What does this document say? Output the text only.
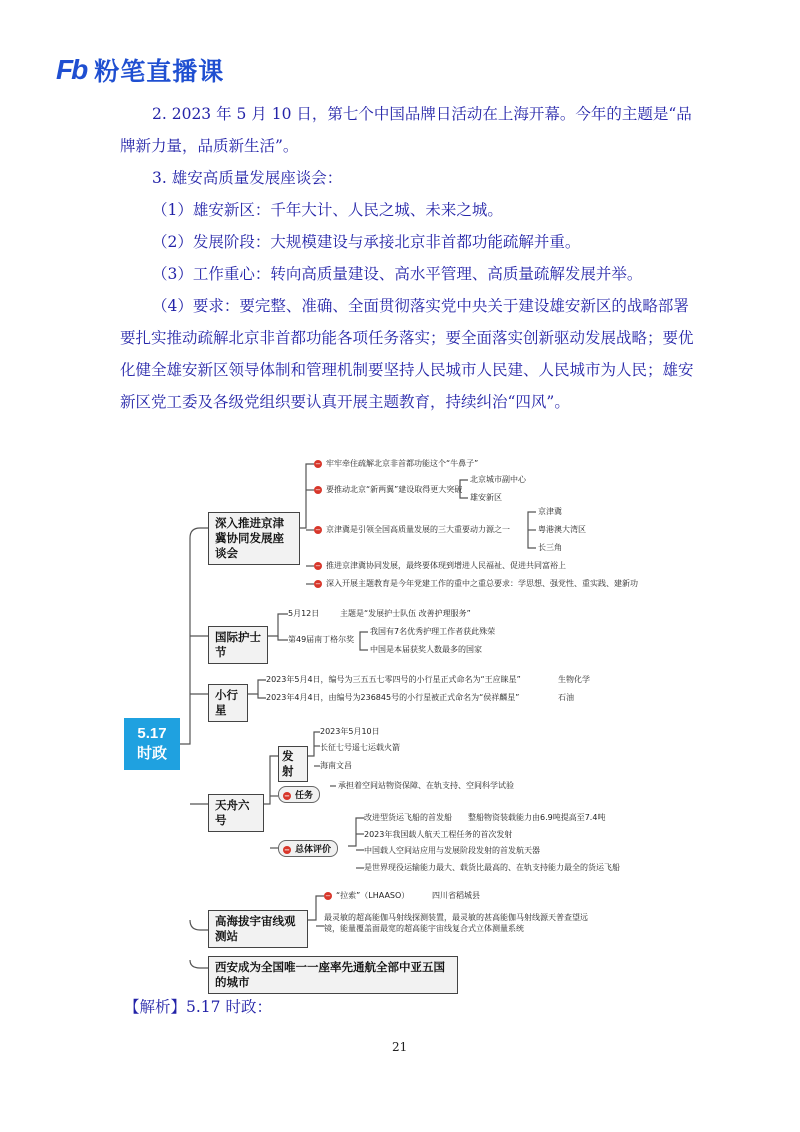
Fb 粉笔直播课

2. 2023 年 5 月 10 日，第七个中国品牌日活动在上海开幕。今年的主题是“品牌新力量，品质新生活”。

3. 雄安高质量发展座谈会：

（1）雄安新区：千年大计、人民之城、未来之城。

（2）发展阶段：大规模建设与承接北京非首都功能疏解并重。

（3）工作重心：转向高质量建设、高水平管理、高质量疏解发展并举。

（4）要求：要完整、准确、全面贯彻落实党中央关于建设雄安新区的战略部署要扎实推动疏解北京非首都功能各项任务落实；要全面落实创新驱动发展战略；要优化健全雄安新区领导体制和管理机制要坚持人民城市人民建、人民城市为人民；雄安新区党工委及各级党组织要认真开展主题教育，持续纠治“四风”。

5.17
时政
深入推进京津冀协同发展座谈会
− 牢牢牵住疏解北京非首都功能这个“牛鼻子”
− 要推动北京“新两翼”建设取得更大突破
北京城市副中心
雄安新区
− 京津冀是引领全国高质量发展的三大重要动力源之一
京津冀
粤港澳大湾区
长三角
− 推进京津冀协同发展，最终要体现到增进人民福祉、促进共同富裕上
− 深入开展主题教育是今年党建工作的重中之重 总要求：学思想、强党性、重实践、建新功
国际护士节
5月12日	主题是“发展护士队伍 改善护理服务”
第49届南丁格尔奖
我国有7名优秀护理工作者获此殊荣
中国是本届获奖人数最多的国家
小行星
2023年5月4日，编号为三五五七零四号的小行星正式命名为“王应睐星”
2023年4月4日，由编号为236845号的小行星被正式命名为“侯祥麟星”
生物化学
石油
天舟六号
发射
2023年5月10日
长征七号遥七运载火箭
海南文昌
− 任务
承担着空间站物资保障、在轨支持、空间科学试验
− 总体评价
改进型货运飞船的首发船 整船物资装载能力由6.9吨提高至7.4吨
2023年我国载人航天工程任务的首次发射
中国载人空间站应用与发展阶段发射的首发航天器
是世界现役运输能力最大、载货比最高的、在轨支持能力最全的货运飞船
高海拔宇宙线观测站
− “拉索”（LHAASO）	四川省稻城县
最灵敏的超高能伽马射线探测装置，最灵敏的甚高能伽马射线源天普查望远镜，能量覆盖面最宽的超高能宇宙线复合式立体测量系统
西安成为全国唯一一座率先通航全部中亚五国的城市
【解析】5.17 时政：
21
